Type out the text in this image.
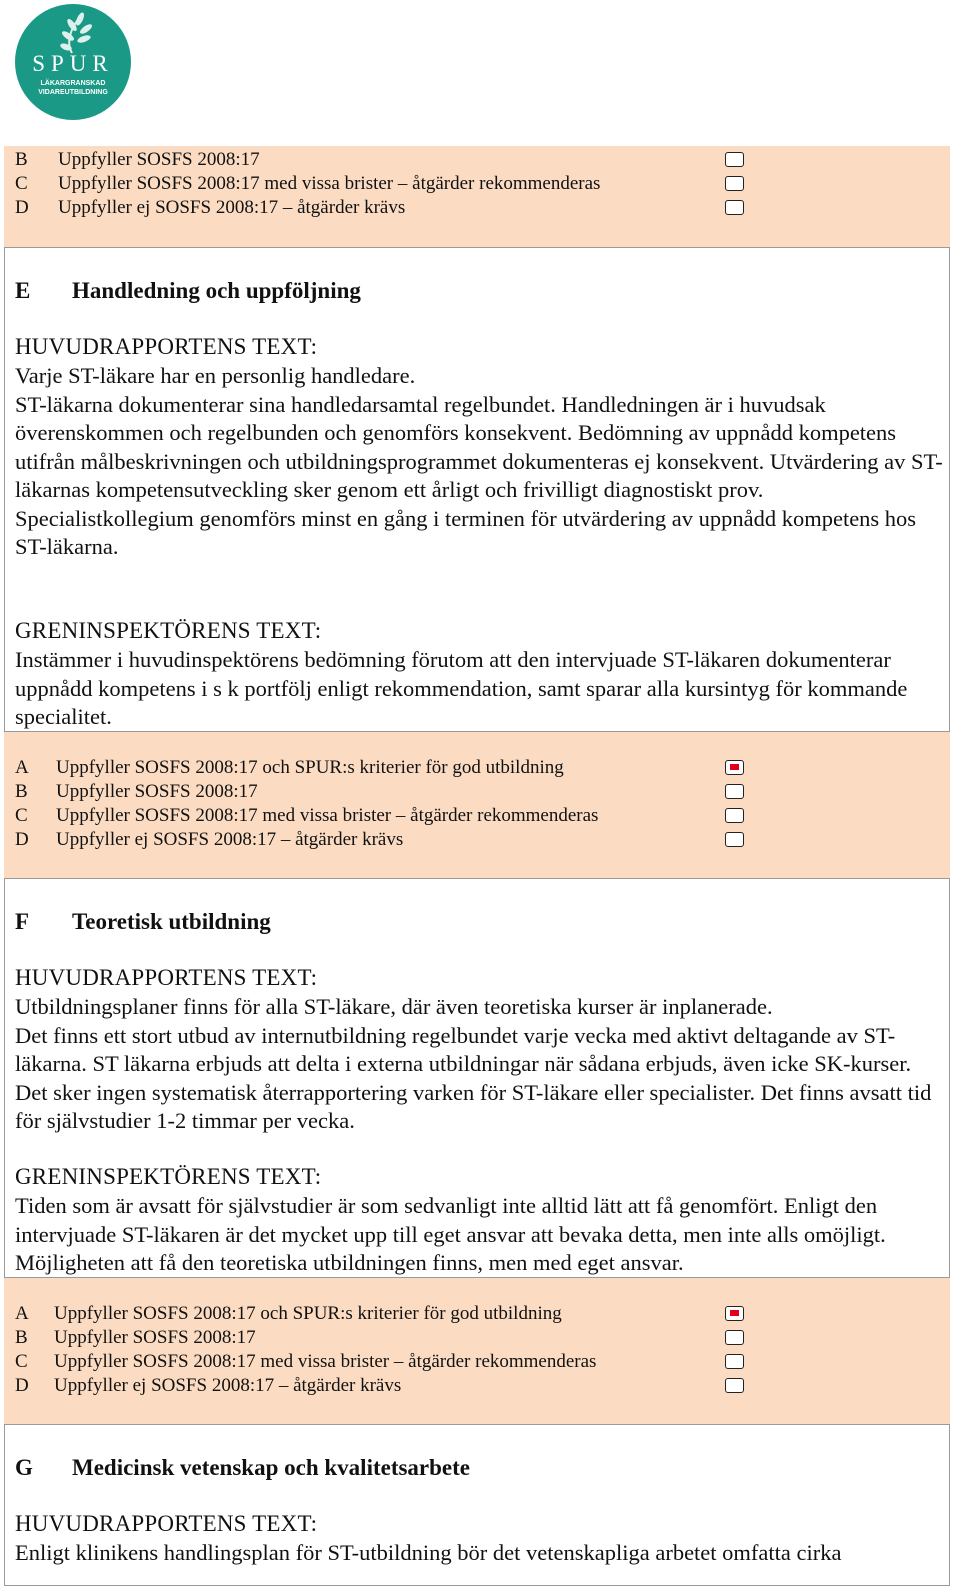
SPUR
LÄKARGRANSKAD
VIDAREUTBILDNING
B Uppfyller SOSFS 2008:17
C Uppfyller SOSFS 2008:17 med vissa brister – åtgärder rekommenderas
D Uppfyller ej SOSFS 2008:17 – åtgärder krävs
E Handledning och uppföljning
HUVUDRAPPORTENS TEXT:

Varje ST-läkare har en personlig handledare.

ST-läkarna dokumenterar sina handledarsamtal regelbundet. Handledningen är i huvudsak överenskommen och regelbunden och genomförs konsekvent. Bedömning av uppnådd kompetens utifrån målbeskrivningen och utbildningsprogrammet dokumenteras ej konsekvent. Utvärdering av ST-läkarnas kompetensutveckling sker genom ett årligt och frivilligt diagnostiskt prov.

Specialistkollegium genomförs minst en gång i terminen för utvärdering av uppnådd kompetens hos ST-läkarna.

GRENINSPEKTÖRENS TEXT:

Instämmer i huvudinspektörens bedömning förutom att den intervjuade ST-läkaren dokumenterar uppnådd kompetens i s k portfölj enligt rekommendation, samt sparar alla kursintyg för kommande specialitet.

A Uppfyller SOSFS 2008:17 och SPUR:s kriterier för god utbildning
B Uppfyller SOSFS 2008:17
C Uppfyller SOSFS 2008:17 med vissa brister – åtgärder rekommenderas
D Uppfyller ej SOSFS 2008:17 – åtgärder krävs
F Teoretisk utbildning
HUVUDRAPPORTENS TEXT:

Utbildningsplaner finns för alla ST-läkare, där även teoretiska kurser är inplanerade.

Det finns ett stort utbud av internutbildning regelbundet varje vecka med aktivt deltagande av ST-läkarna. ST läkarna erbjuds att delta i externa utbildningar när sådana erbjuds, även icke SK-kurser. Det sker ingen systematisk återrapportering varken för ST-läkare eller specialister. Det finns avsatt tid för självstudier 1-2 timmar per vecka.

GRENINSPEKTÖRENS TEXT:

Tiden som är avsatt för självstudier är som sedvanligt inte alltid lätt att få genomfört. Enligt den intervjuade ST-läkaren är det mycket upp till eget ansvar att bevaka detta, men inte alls omöjligt. Möjligheten att få den teoretiska utbildningen finns, men med eget ansvar.

A Uppfyller SOSFS 2008:17 och SPUR:s kriterier för god utbildning
B Uppfyller SOSFS 2008:17
C Uppfyller SOSFS 2008:17 med vissa brister – åtgärder rekommenderas
D Uppfyller ej SOSFS 2008:17 – åtgärder krävs
G Medicinsk vetenskap och kvalitetsarbete
HUVUDRAPPORTENS TEXT:

Enligt klinikens handlingsplan för ST-utbildning bör det vetenskapliga arbetet omfatta cirka
